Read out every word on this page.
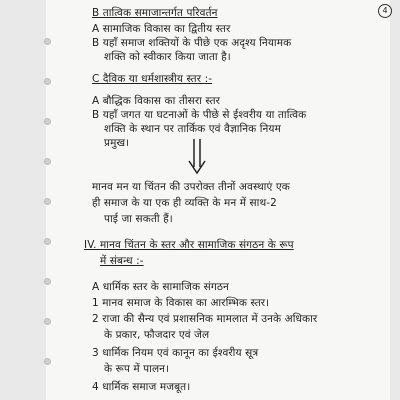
4
B तात्विक समाजान्तर्गत परिवर्तन
A सामाजिक विकास का द्वितीय स्तर
B यहाँ समाज शक्तियों के पीछे एक अदृश्य नियामक
शक्ति को स्वीकार किया जाता है।
C दैविक या धर्मशास्त्रीय स्तर :-
A बौद्धिक विकास का तीसरा स्तर
B यहाँ जगत या घटनाओं के पीछे से ईश्वरीय या तात्विक
शक्ति के स्थान पर तार्किक एवं वैज्ञानिक नियम
प्रमुख।
मानव मन या चिंतन की उपरोक्त तीनों अवस्थाएं एक
ही समाज के या एक ही व्यक्ति के मन में साथ-2
पाई जा सकती हैं।
IV. मानव चिंतन के स्तर और सामाजिक संगठन के रूप
में संबन्ध :-
A धार्मिक स्तर के सामाजिक संगठन
1 मानव समाज के विकास का आरम्भिक स्तर।
2 राजा की सैन्य एवं प्रशासनिक मामलात में उनके अधिकार
के प्रकार, फौजदार एवं जेल
3 धार्मिक नियम एवं कानून का ईश्वरीय सूत्र
के रूप में पालन।
4 धार्मिक समाज मजबूत।
